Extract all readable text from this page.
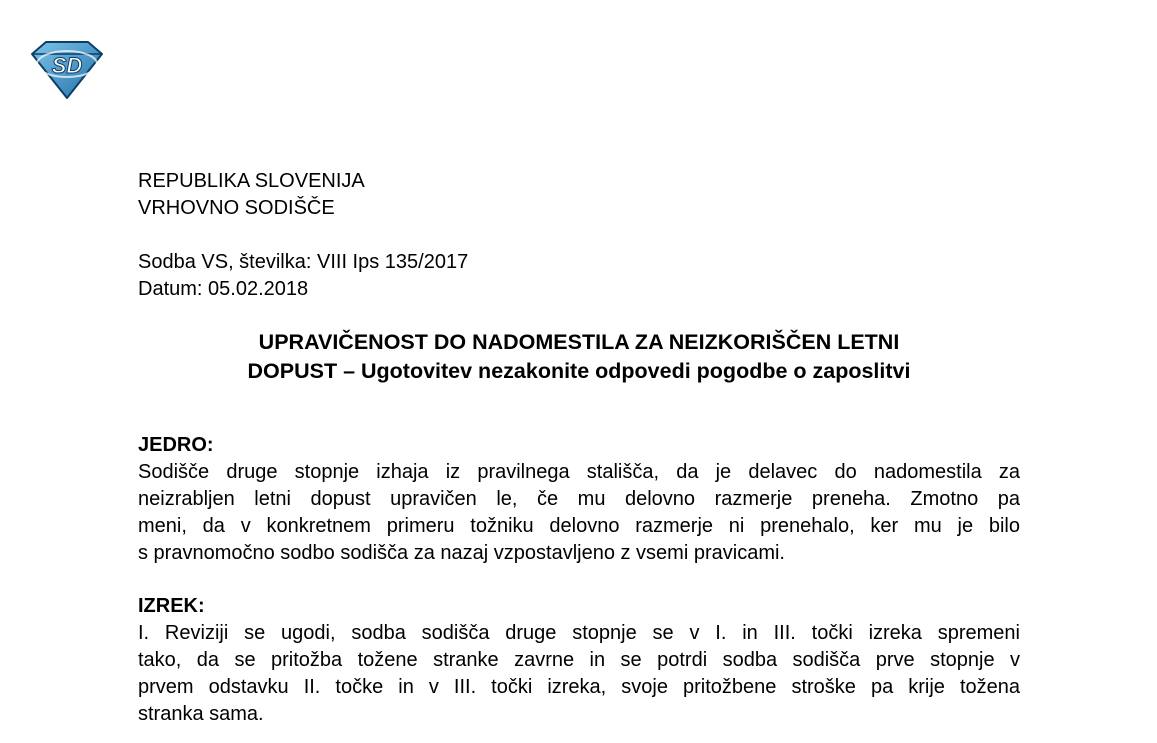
SD
REPUBLIKA SLOVENIJA
VRHOVNO SODIŠČE
Sodba VS, številka: VIII Ips 135/2017
Datum: 05.02.2018
UPRAVIČENOST DO NADOMESTILA ZA NEIZKORIŠČEN LETNI
DOPUST – Ugotovitev nezakonite odpovedi pogodbe o zaposlitvi
JEDRO:
Sodišče druge stopnje izhaja iz pravilnega stališča, da je delavec do nadomestila za
neizrabljen letni dopust upravičen le, če mu delovno razmerje preneha. Zmotno pa
meni, da v konkretnem primeru tožniku delovno razmerje ni prenehalo, ker mu je bilo
s pravnomočno sodbo sodišča za nazaj vzpostavljeno z vsemi pravicami.
IZREK:
I. Reviziji se ugodi, sodba sodišča druge stopnje se v I. in III. točki izreka spremeni
tako, da se pritožba tožene stranke zavrne in se potrdi sodba sodišča prve stopnje v
prvem odstavku II. točke in v III. točki izreka, svoje pritožbene stroške pa krije tožena
stranka sama.
